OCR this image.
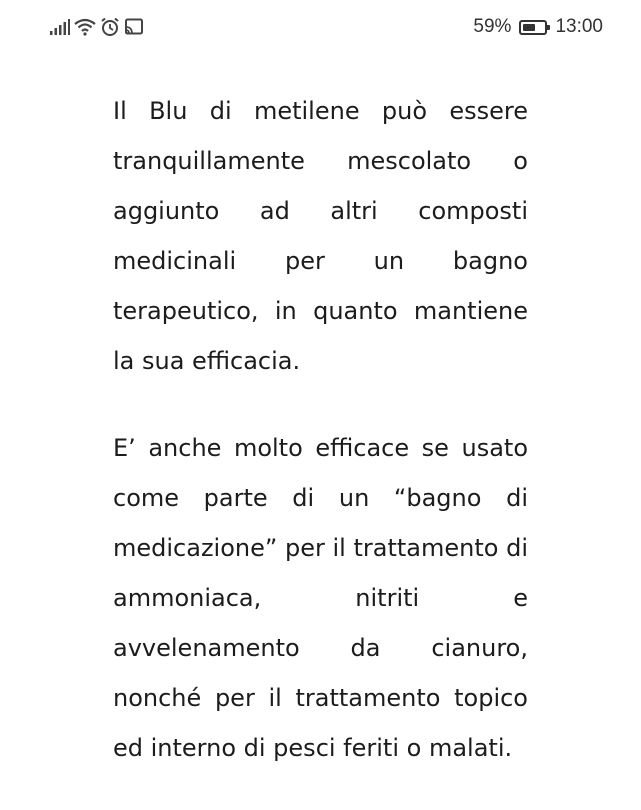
59% 13:00

Il Blu di metilene può essere tranquillamente mescolato o aggiunto ad altri composti medicinali per un bagno terapeutico, in quanto mantiene la sua efficacia.

E’ anche molto efficace se usato come parte di un “bagno di medicazione” per il trattamento di ammoniaca, nitriti e avvelenamento da cianuro, nonché per il trattamento topico ed interno di pesci feriti o malati.
